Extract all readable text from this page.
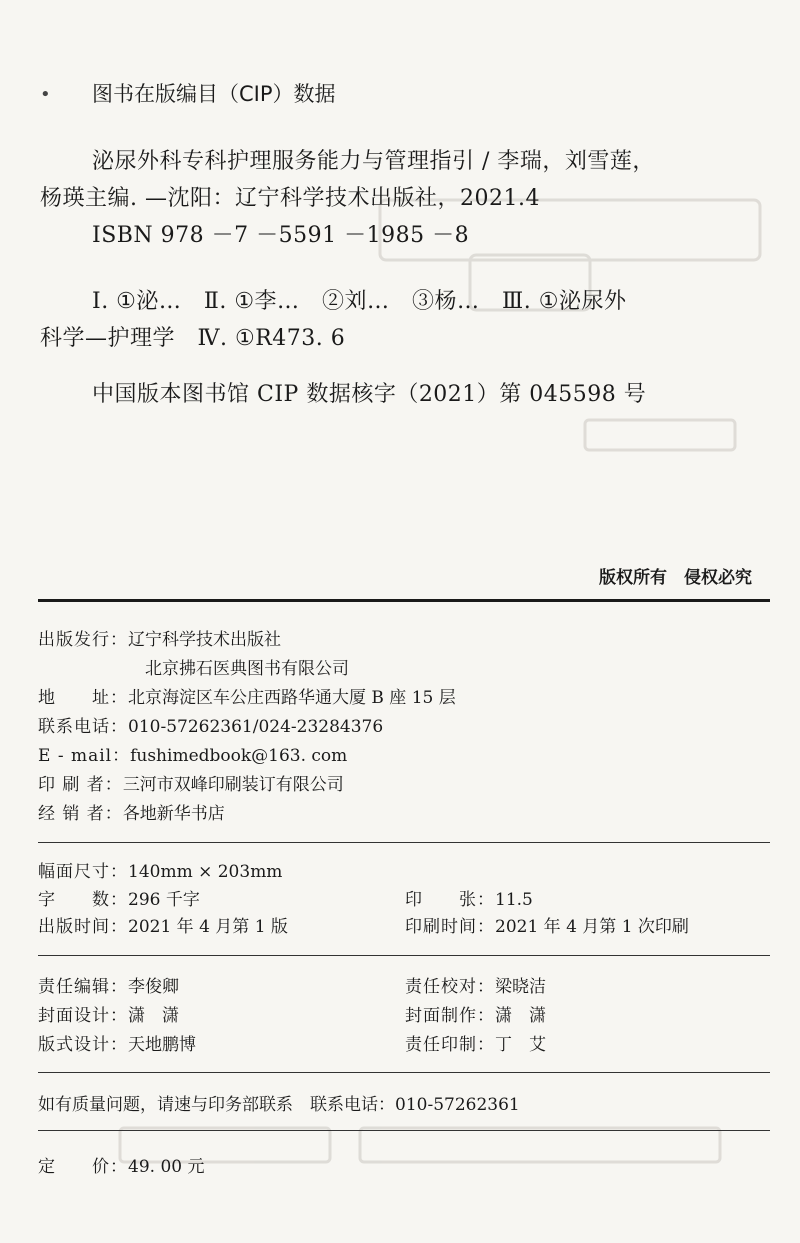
• 图书在版编目（CIP）数据
泌尿外科专科护理服务能力与管理指引 / 李瑞，刘雪莲，
杨瑛主编. —沈阳：辽宁科学技术出版社，2021.4
ISBN 978 －7 －5591 －1985 －8
Ⅰ. ①泌…　Ⅱ. ①李…　②刘…　③杨…　Ⅲ. ①泌尿外
科学—护理学　Ⅳ. ①R473. 6
中国版本图书馆 CIP 数据核字（2021）第 045598 号
版权所有　侵权必究
出版发行：辽宁科学技术出版社
北京拂石医典图书有限公司
地　　址：北京海淀区车公庄西路华通大厦 B 座 15 层
联系电话：010-57262361/024-23284376
E - mail：fushimedbook@163. com
印 刷 者：三河市双峰印刷装订有限公司
经 销 者：各地新华书店
幅面尺寸：140mm × 203mm
字　　数：296 千字	印　　张：11.5
出版时间：2021 年 4 月第 1 版	印刷时间：2021 年 4 月第 1 次印刷
责任编辑：李俊卿	责任校对：梁晓洁
封面设计：潇　潇	封面制作：潇　潇
版式设计：天地鹏博	责任印制：丁　艾
如有质量问题，请速与印务部联系　联系电话：010-57262361
定　　价：49. 00 元
